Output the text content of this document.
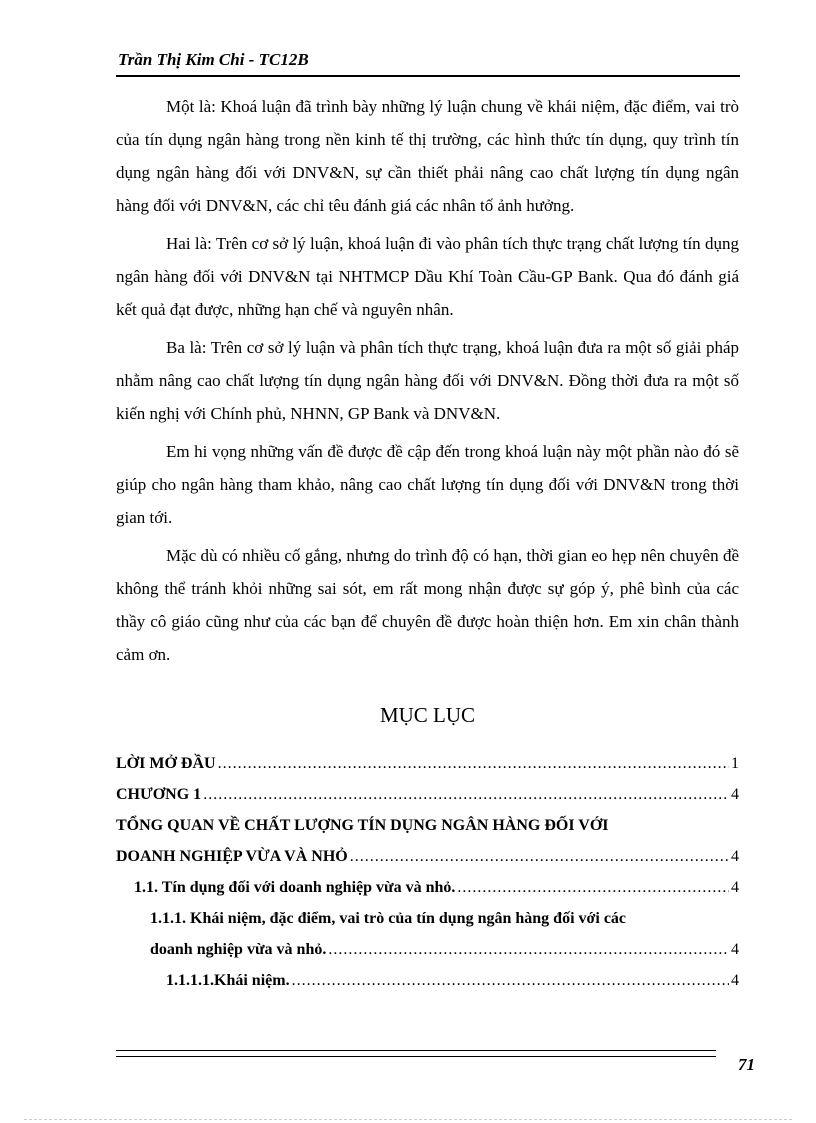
Trần Thị Kim Chi - TC12B

Một là: Khoá luận đã trình bày những lý luận chung về khái niệm, đặc điểm, vai trò của tín dụng ngân hàng trong nền kinh tế thị trường, các hình thức tín dụng, quy trình tín dụng ngân hàng đối với DNV&N, sự cần thiết phải nâng cao chất lượng tín dụng ngân hàng đối với DNV&N, các chỉ têu đánh giá các nhân tố ảnh hưởng.

Hai là: Trên cơ sở lý luận, khoá luận đi vào phân tích thực trạng chất lượng tín dụng ngân hàng đối với DNV&N tại NHTMCP Dầu Khí Toàn Cầu-GP Bank. Qua đó đánh giá kết quả đạt được, những hạn chế và nguyên nhân.

Ba là: Trên cơ sở lý luận và phân tích thực trạng, khoá luận đưa ra một số giải pháp nhằm nâng cao chất lượng tín dụng ngân hàng đối với DNV&N. Đồng thời đưa ra một số kiến nghị với Chính phủ, NHNN, GP Bank và DNV&N.

Em hi vọng những vấn đề được đề cập đến trong khoá luận này một phần nào đó sẽ giúp cho ngân hàng tham khảo, nâng cao chất lượng tín dụng đối với DNV&N trong thời gian tới.

Mặc dù có nhiều cố gắng, nhưng do trình độ có hạn, thời gian eo hẹp nên chuyên đề không thể tránh khỏi những sai sót, em rất mong nhận được sự góp ý, phê bình của các thầy cô giáo cũng như của các bạn để chuyên đề được hoàn thiện hơn. Em xin chân thành cảm ơn.

MỤC LỤC
LỜI MỞ ĐẦU .....	1
CHƯƠNG 1 .....	4
TỔNG QUAN VỀ CHẤT LƯỢNG TÍN DỤNG NGÂN HÀNG ĐỐI VỚI
DOANH NGHIỆP VỪA VÀ NHỎ .....	4
1.1. Tín dụng đối với doanh nghiệp vừa và nhỏ. .....	4
1.1.1. Khái niệm, đặc điểm, vai trò của tín dụng ngân hàng đối với các
doanh nghiệp vừa và nhỏ. .....	4
1.1.1.1.Khái niệm. .....	4
71
